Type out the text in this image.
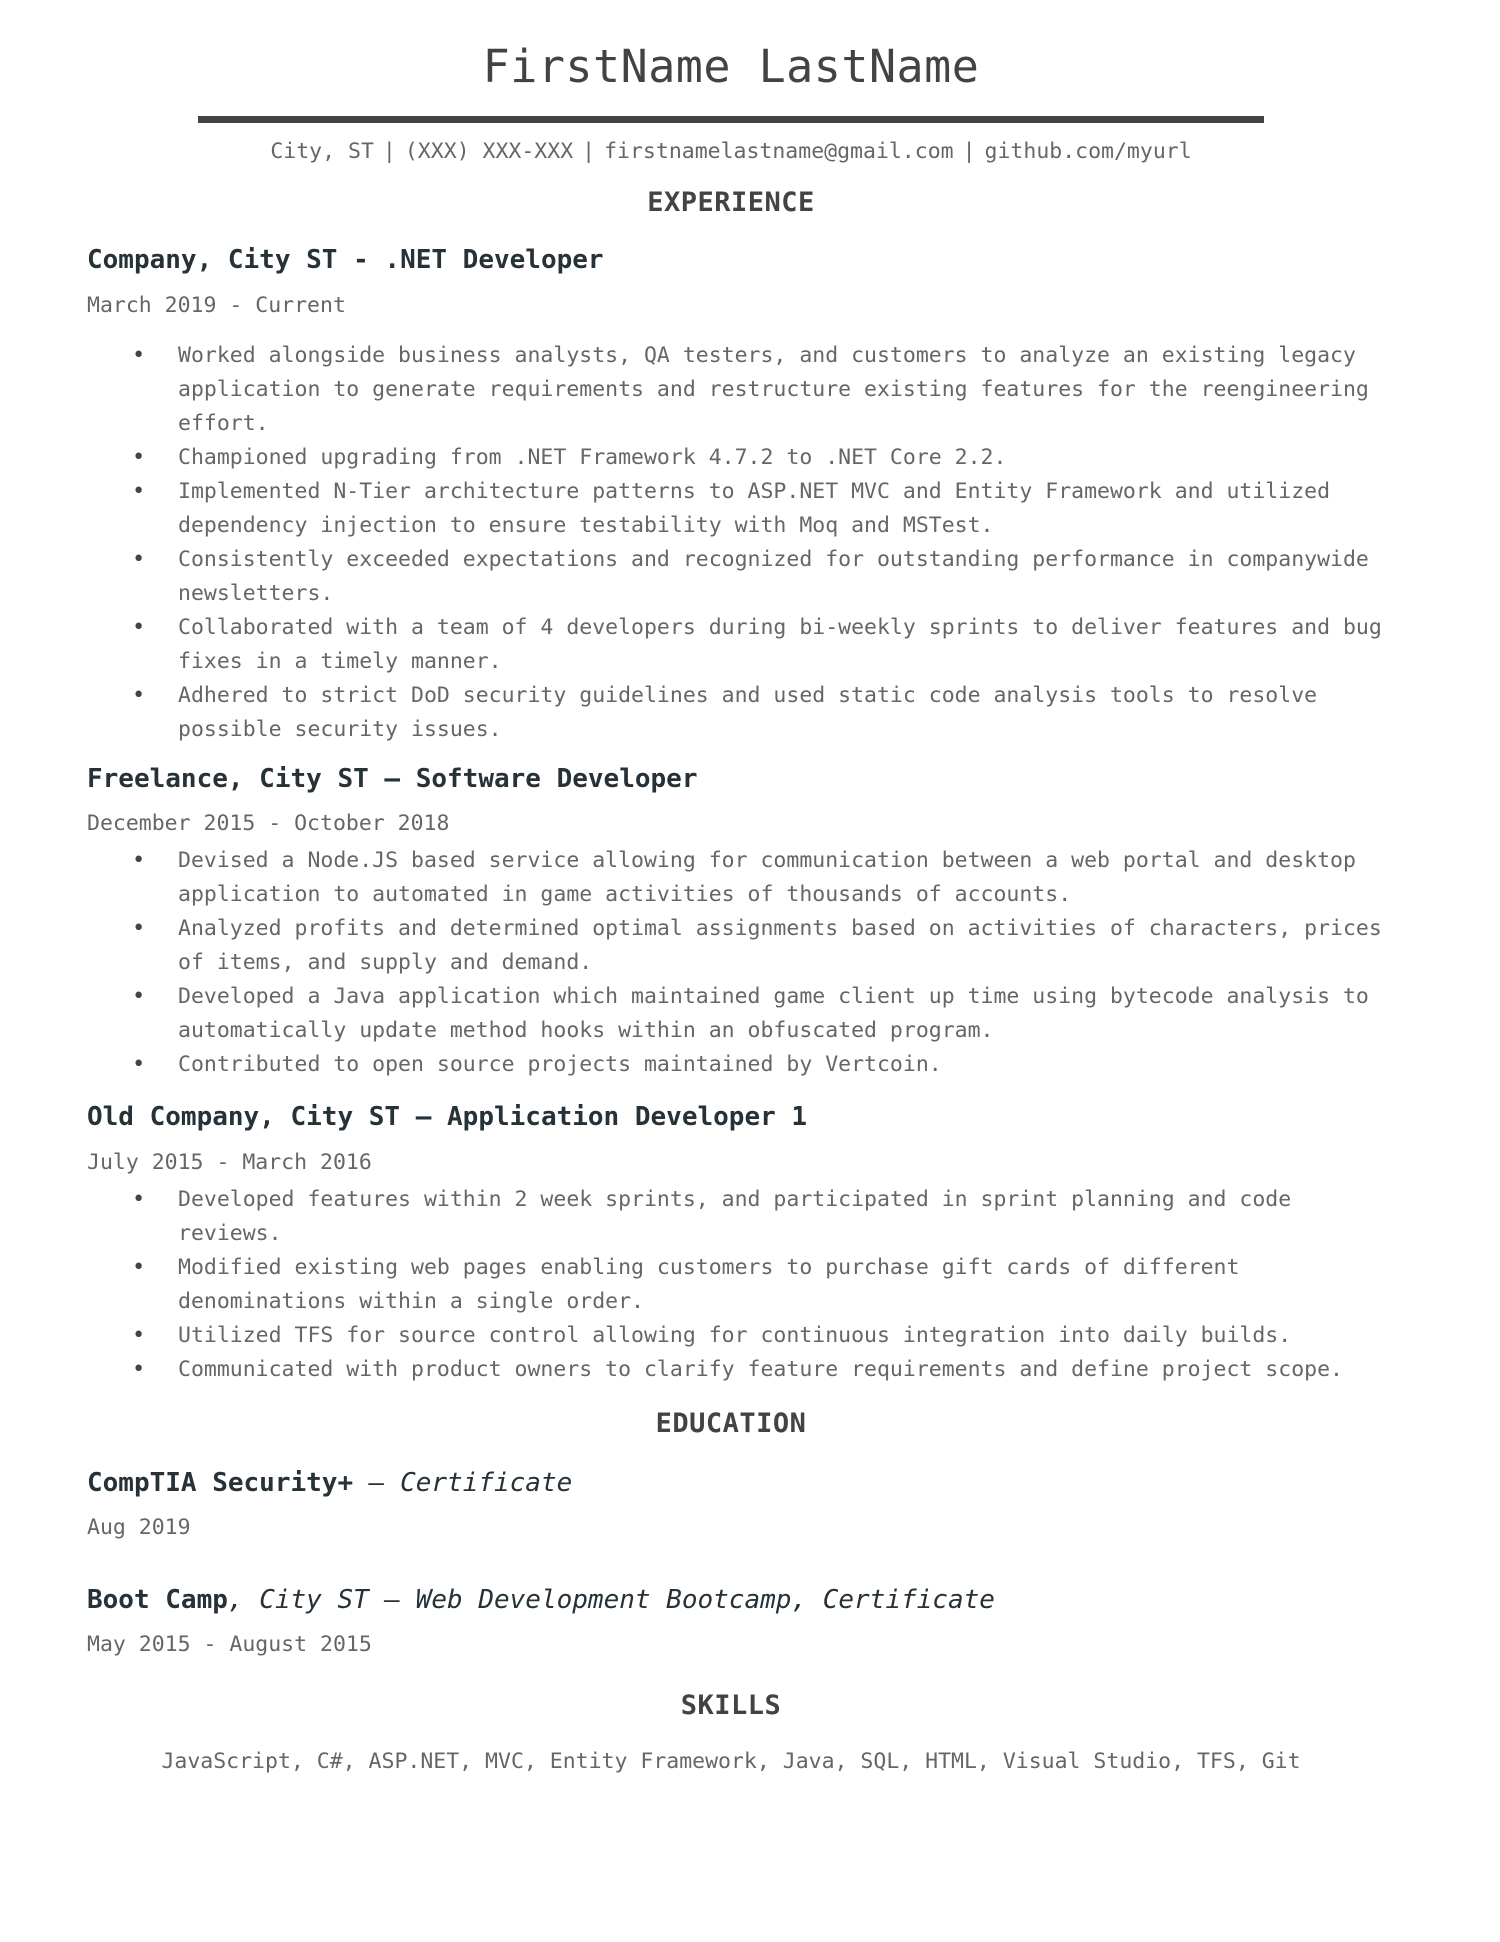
FirstName LastName
City, ST | (XXX) XXX-XXX | firstnamelastname@gmail.com | github.com/myurl
EXPERIENCE
Company, City ST - .NET Developer
March 2019 - Current
• Worked alongside business analysts, QA testers, and customers to analyze an existing legacy application to generate requirements and restructure existing features for the reengineering effort.
• Championed upgrading from .NET Framework 4.7.2 to .NET Core 2.2.
• Implemented N-Tier architecture patterns to ASP.NET MVC and Entity Framework and utilized dependency injection to ensure testability with Moq and MSTest.
• Consistently exceeded expectations and recognized for outstanding performance in companywide newsletters.
• Collaborated with a team of 4 developers during bi-weekly sprints to deliver features and bug fixes in a timely manner.
• Adhered to strict DoD security guidelines and used static code analysis tools to resolve possible security issues.
Freelance, City ST — Software Developer
December 2015 - October 2018
• Devised a Node.JS based service allowing for communication between a web portal and desktop application to automated in game activities of thousands of accounts.
• Analyzed profits and determined optimal assignments based on activities of characters, prices of items, and supply and demand.
• Developed a Java application which maintained game client up time using bytecode analysis to automatically update method hooks within an obfuscated program.
• Contributed to open source projects maintained by Vertcoin.
Old Company, City ST — Application Developer 1
July 2015 - March 2016
• Developed features within 2 week sprints, and participated in sprint planning and code reviews.
• Modified existing web pages enabling customers to purchase gift cards of different denominations within a single order.
• Utilized TFS for source control allowing for continuous integration into daily builds.
• Communicated with product owners to clarify feature requirements and define project scope.
EDUCATION
CompTIA Security+ — Certificate
Aug 2019
Boot Camp, City ST — Web Development Bootcamp, Certificate
May 2015 - August 2015
SKILLS
JavaScript, C#, ASP.NET, MVC, Entity Framework, Java, SQL, HTML, Visual Studio, TFS, Git
